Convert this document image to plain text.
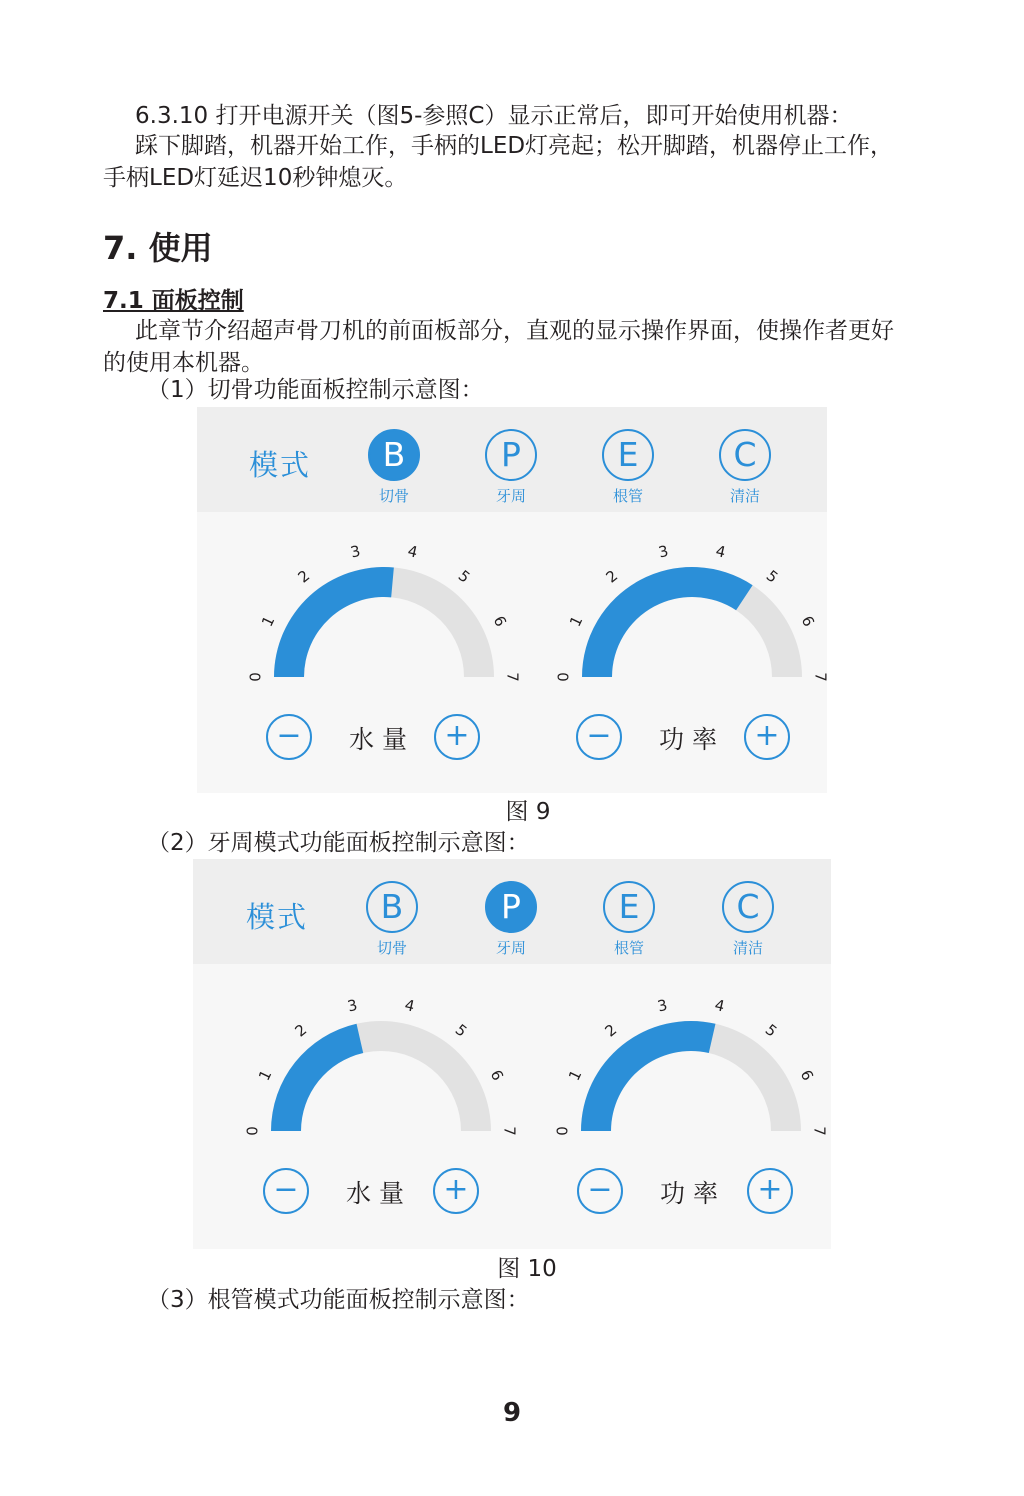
6.3.10 打开电源开关（图5-参照C）显示正常后，即可开始使用机器：

踩下脚踏，机器开始工作，手柄的LED灯亮起；松开脚踏，机器停止工作，手柄LED灯延迟10秒钟熄灭。

7. 使用
7.1 面板控制

此章节介绍超声骨刀机的前面板部分，直观的显示操作界面，使操作者更好的使用本机器。

（1）切骨功能面板控制示意图：

模式	B
切骨
P
牙周
E
根管
C
清洁
0
1
2
3	4
5
6
7 0
1
2
3	4
5
6
7
−	水量 +	−	功率 +
图 9

（2）牙周模式功能面板控制示意图：

模式	B
切骨
P
牙周
E
根管
C
清洁
0
1
2
3	4
5
6
7 0
1
2
3	4
5
6
7
−	水量	+	−	功率	+
图 10

（3）根管模式功能面板控制示意图：

9
